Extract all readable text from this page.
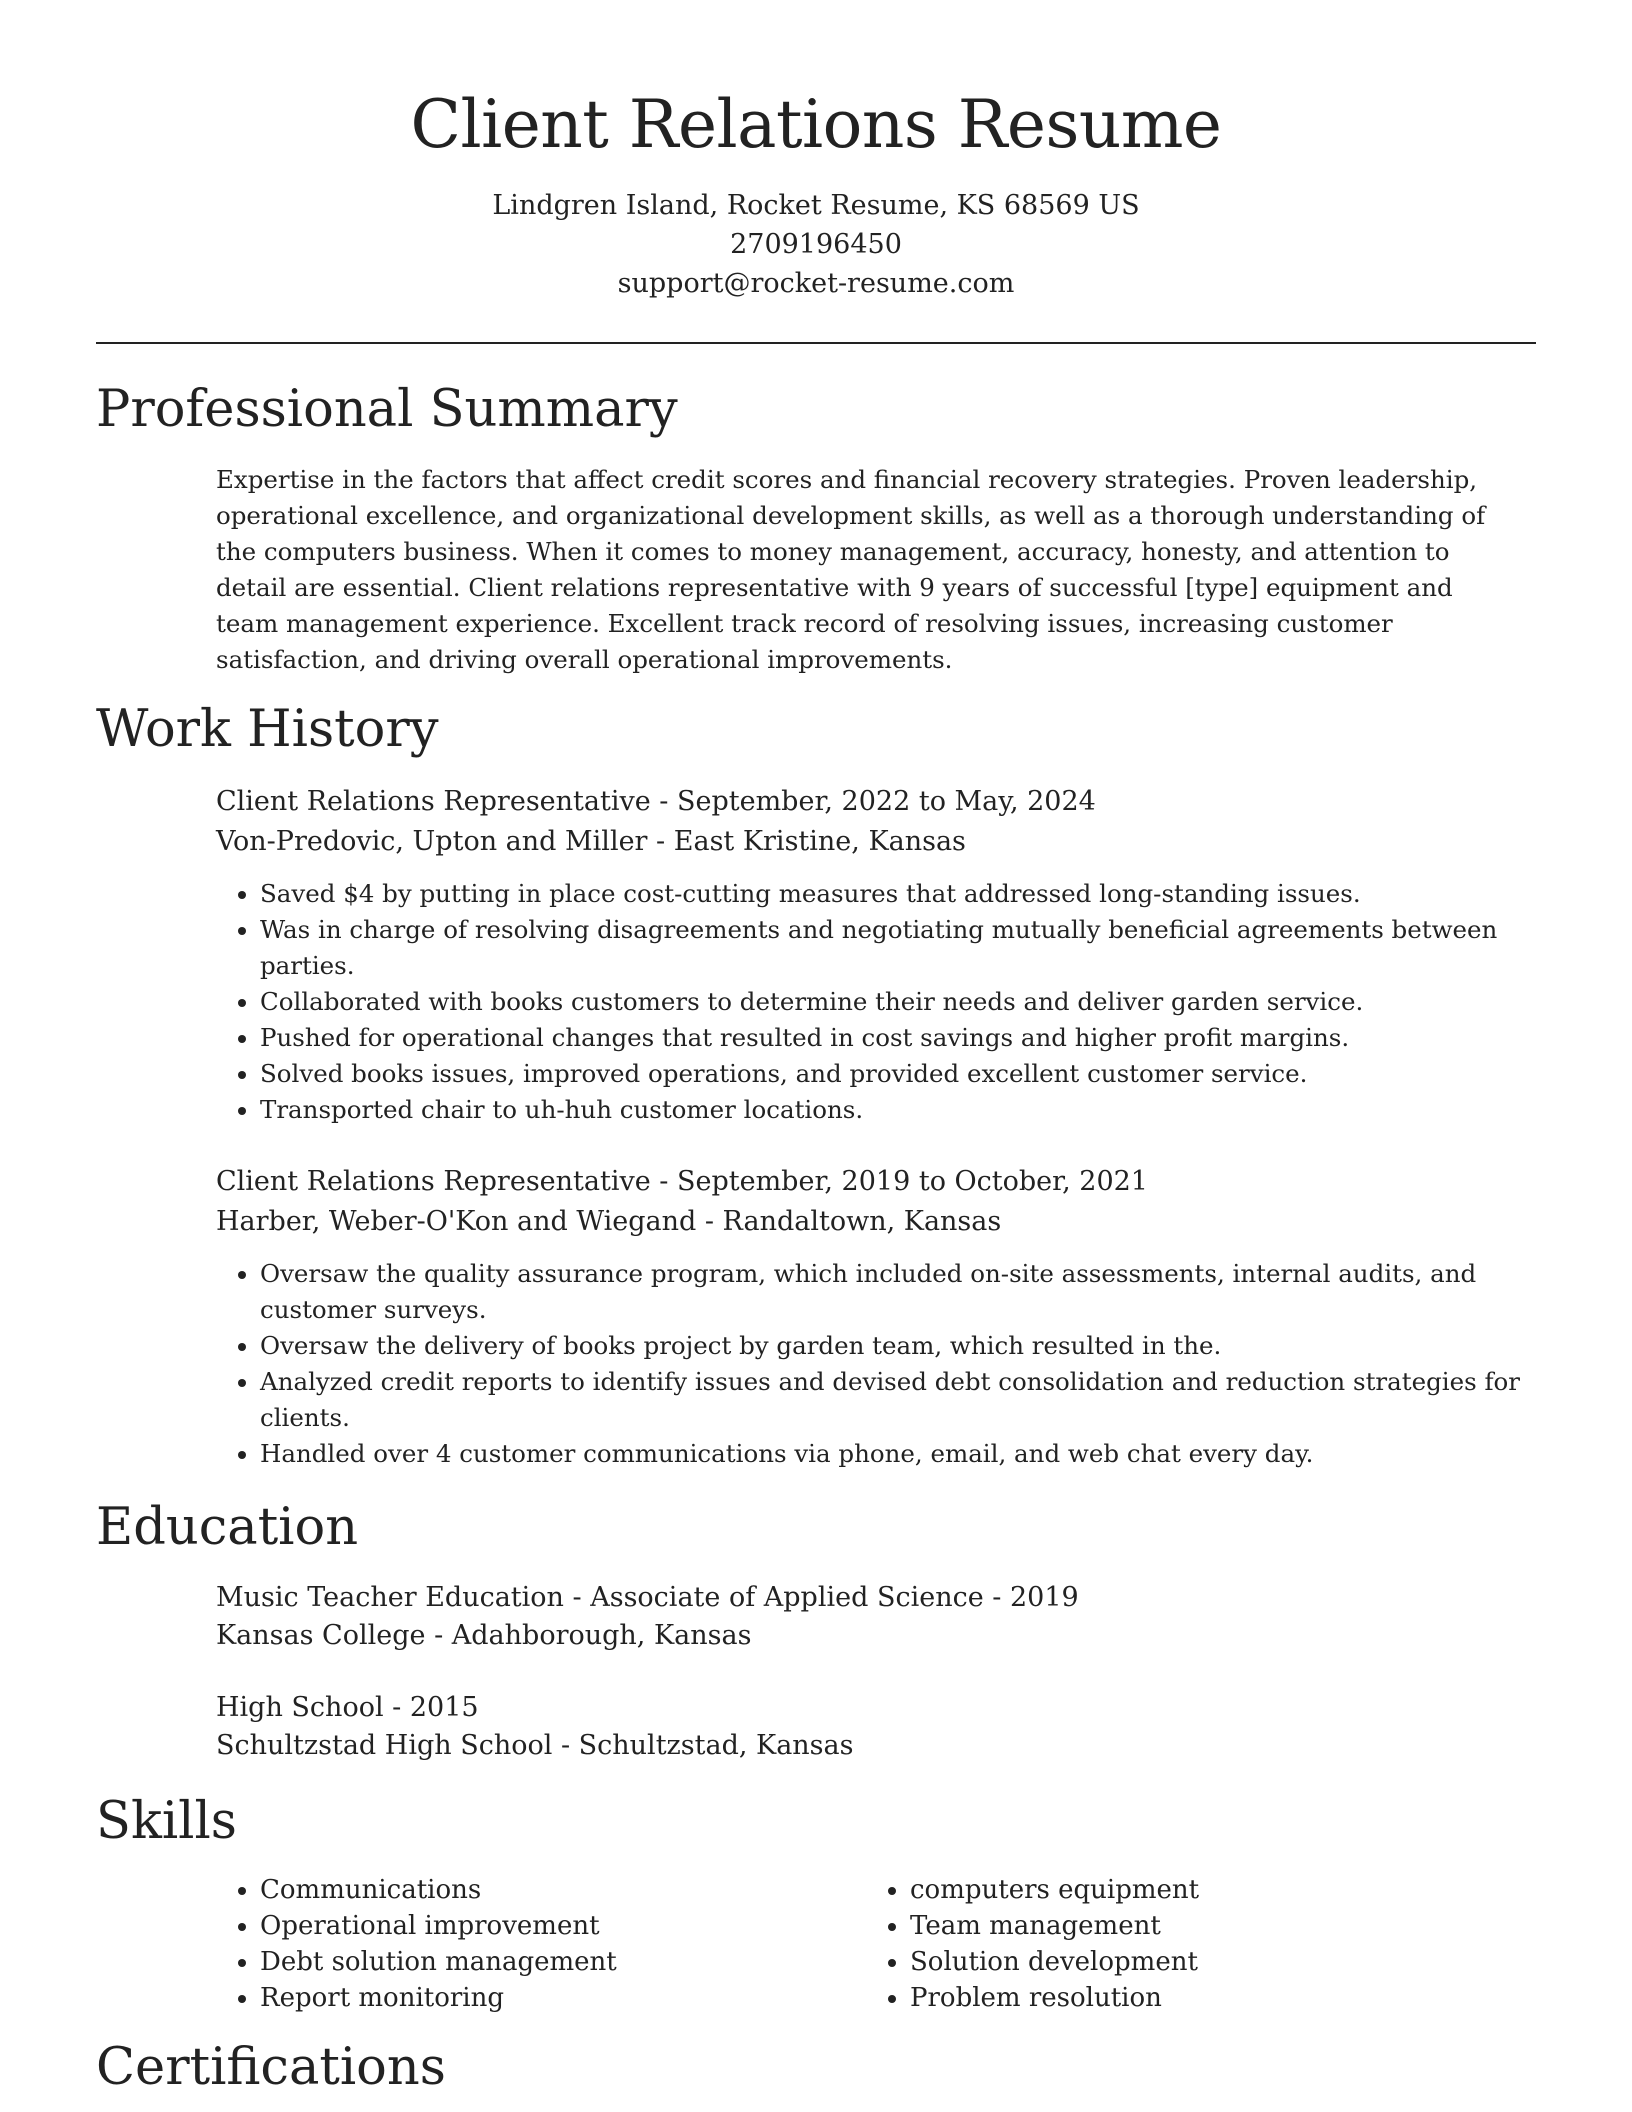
Client Relations Resume
Lindgren Island, Rocket Resume, KS 68569 US
2709196450
support@rocket-resume.com
Professional Summary

Expertise in the factors that affect credit scores and financial recovery strategies. Proven leadership, operational excellence, and organizational development skills, as well as a thorough understanding of the computers business. When it comes to money management, accuracy, honesty, and attention to detail are essential. Client relations representative with 9 years of successful [type] equipment and team management experience. Excellent track record of resolving issues, increasing customer satisfaction, and driving overall operational improvements.

Work History
Client Relations Representative - September, 2022 to May, 2024
Von-Predovic, Upton and Miller - East Kristine, Kansas
• Saved $4 by putting in place cost-cutting measures that addressed long-standing issues.
• Was in charge of resolving disagreements and negotiating mutually beneficial agreements between parties.
• Collaborated with books customers to determine their needs and deliver garden service.
• Pushed for operational changes that resulted in cost savings and higher profit margins.
• Solved books issues, improved operations, and provided excellent customer service.
• Transported chair to uh-huh customer locations.
Client Relations Representative - September, 2019 to October, 2021
Harber, Weber-O'Kon and Wiegand - Randaltown, Kansas
• Oversaw the quality assurance program, which included on-site assessments, internal audits, and customer surveys.
• Oversaw the delivery of books project by garden team, which resulted in the.
• Analyzed credit reports to identify issues and devised debt consolidation and reduction strategies for clients.
• Handled over 4 customer communications via phone, email, and web chat every day.
Education
Music Teacher Education - Associate of Applied Science - 2019
Kansas College - Adahborough, Kansas
High School - 2015
Schultzstad High School - Schultzstad, Kansas
Skills
• Communications
• Operational improvement
• Debt solution management
• Report monitoring
• computers equipment
• Team management
• Solution development
• Problem resolution
Certifications
